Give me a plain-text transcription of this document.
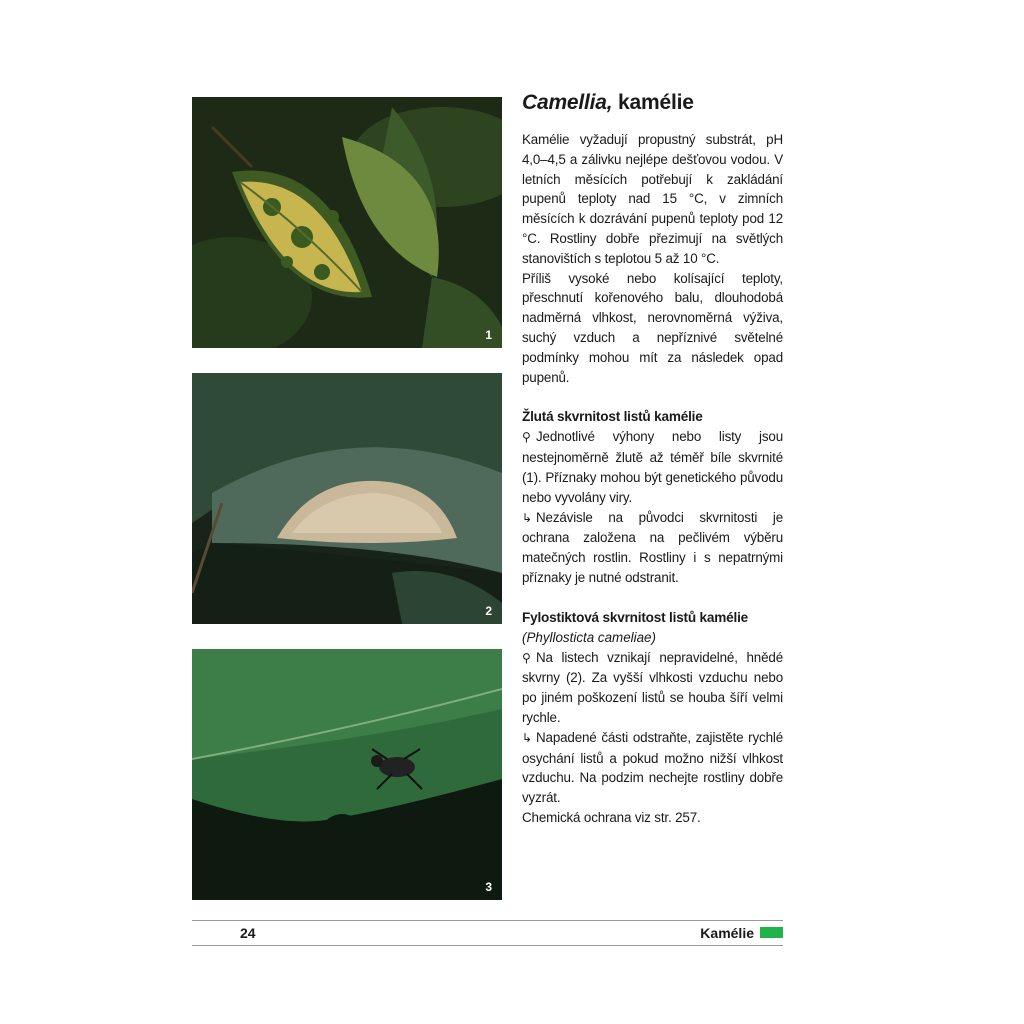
1
2
3
Camellia, kamélie

Kamélie vyžadují propustný substrát, pH 4,0–4,5 a zálivku nejlépe dešťovou vodou. V letních měsících potřebují k zakládání pupenů teploty nad 15 °C, v zimních měsících k dozrávání pupenů teploty pod 12 °C. Rostliny dobře přezimují na světlých stanovištích s teplotou 5 až 10 °C.

Příliš vysoké nebo kolísající teploty, přeschnutí kořenového balu, dlouhodobá nadměrná vlhkost, nerovnoměrná výživa, suchý vzduch a nepříznivé světelné podmínky mohou mít za následek opad pupenů.

Žlutá skvrnitost listů kamélie

⚲ Jednotlivé výhony nebo listy jsou nestejnoměrně žlutě až téměř bíle skvrnité (1). Příznaky mohou být genetického původu nebo vyvolány viry.

↳ Nezávisle na původci skvrnitosti je ochrana založena na pečlivém výběru matečných rostlin. Rostliny i s nepatrnými příznaky je nutné odstranit.

Fylostiktová skvrnitost listů kamélie

(Phyllosticta cameliae)

⚲ Na listech vznikají nepravidelné, hnědé skvrny (2). Za vyšší vlhkosti vzduchu nebo po jiném poškození listů se houba šíří velmi rychle.

↳ Napadené části odstraňte, zajistěte rychlé osychání listů a pokud možno nižší vlhkost vzduchu. Na podzim nechejte rostliny dobře vyzrát.

Chemická ochrana viz str. 257.

24	Kamélie
